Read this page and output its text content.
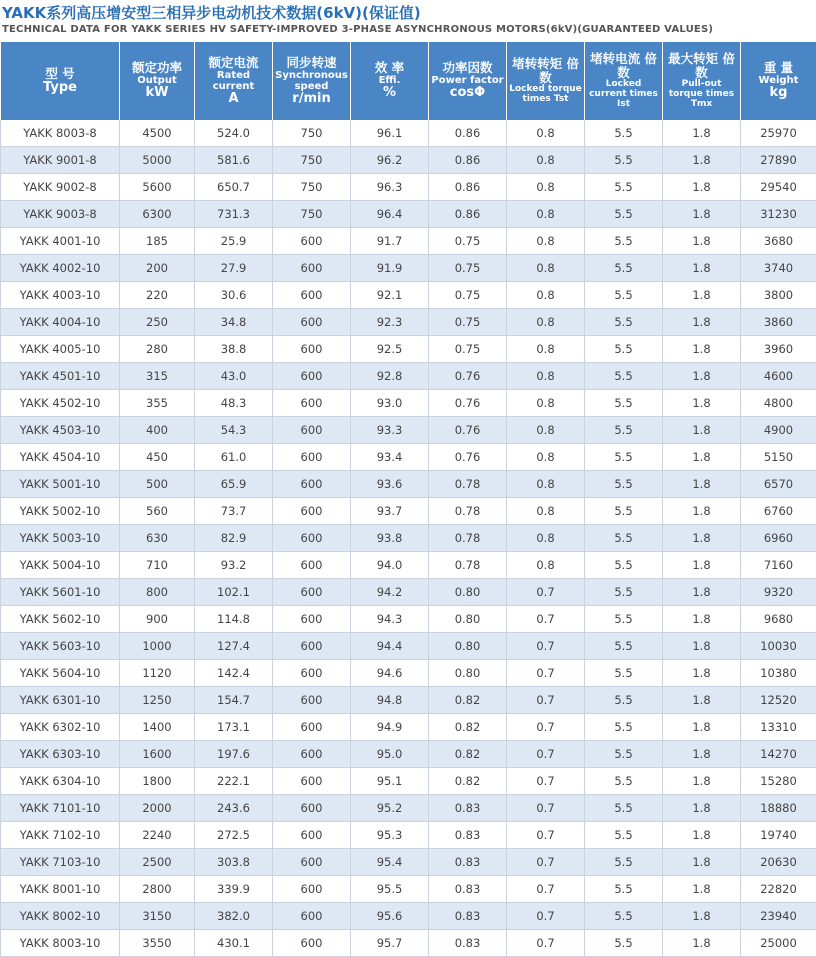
YAKK系列高压增安型三相异步电动机技术数据(6kV)(保证值)
TECHNICAL DATA FOR YAKK SERIES HV SAFETY-IMPROVED 3-PHASE ASYNCHRONOUS MOTORS(6kV)(GUARANTEED VALUES)
型 号
Type	额定功率
Output
kW	额定电流
Rated current
A	同步转速
Synchronous speed
r/min	效 率
Effi.
%	功率因数
Power factor
cosΦ	堵转转矩 倍数
Locked torque times Tst	堵转电流 倍数
Locked current times Ist	最大转矩 倍数
Pull-out torque times Tmx	重 量
Weight
kg

YAKK 8003-8	4500	524.0	750	96.1	0.86	0.8	5.5	1.8	25970
YAKK 9001-8	5000	581.6	750	96.2	0.86	0.8	5.5	1.8	27890
YAKK 9002-8	5600	650.7	750	96.3	0.86	0.8	5.5	1.8	29540
YAKK 9003-8	6300	731.3	750	96.4	0.86	0.8	5.5	1.8	31230
YAKK 4001-10	185	25.9	600	91.7	0.75	0.8	5.5	1.8	3680
YAKK 4002-10	200	27.9	600	91.9	0.75	0.8	5.5	1.8	3740
YAKK 4003-10	220	30.6	600	92.1	0.75	0.8	5.5	1.8	3800
YAKK 4004-10	250	34.8	600	92.3	0.75	0.8	5.5	1.8	3860
YAKK 4005-10	280	38.8	600	92.5	0.75	0.8	5.5	1.8	3960
YAKK 4501-10	315	43.0	600	92.8	0.76	0.8	5.5	1.8	4600
YAKK 4502-10	355	48.3	600	93.0	0.76	0.8	5.5	1.8	4800
YAKK 4503-10	400	54.3	600	93.3	0.76	0.8	5.5	1.8	4900
YAKK 4504-10	450	61.0	600	93.4	0.76	0.8	5.5	1.8	5150
YAKK 5001-10	500	65.9	600	93.6	0.78	0.8	5.5	1.8	6570
YAKK 5002-10	560	73.7	600	93.7	0.78	0.8	5.5	1.8	6760
YAKK 5003-10	630	82.9	600	93.8	0.78	0.8	5.5	1.8	6960
YAKK 5004-10	710	93.2	600	94.0	0.78	0.8	5.5	1.8	7160
YAKK 5601-10	800	102.1	600	94.2	0.80	0.7	5.5	1.8	9320
YAKK 5602-10	900	114.8	600	94.3	0.80	0.7	5.5	1.8	9680
YAKK 5603-10	1000	127.4	600	94.4	0.80	0.7	5.5	1.8	10030
YAKK 5604-10	1120	142.4	600	94.6	0.80	0.7	5.5	1.8	10380
YAKK 6301-10	1250	154.7	600	94.8	0.82	0.7	5.5	1.8	12520
YAKK 6302-10	1400	173.1	600	94.9	0.82	0.7	5.5	1.8	13310
YAKK 6303-10	1600	197.6	600	95.0	0.82	0.7	5.5	1.8	14270
YAKK 6304-10	1800	222.1	600	95.1	0.82	0.7	5.5	1.8	15280
YAKK 7101-10	2000	243.6	600	95.2	0.83	0.7	5.5	1.8	18880
YAKK 7102-10	2240	272.5	600	95.3	0.83	0.7	5.5	1.8	19740
YAKK 7103-10	2500	303.8	600	95.4	0.83	0.7	5.5	1.8	20630
YAKK 8001-10	2800	339.9	600	95.5	0.83	0.7	5.5	1.8	22820
YAKK 8002-10	3150	382.0	600	95.6	0.83	0.7	5.5	1.8	23940
YAKK 8003-10	3550	430.1	600	95.7	0.83	0.7	5.5	1.8	25000
